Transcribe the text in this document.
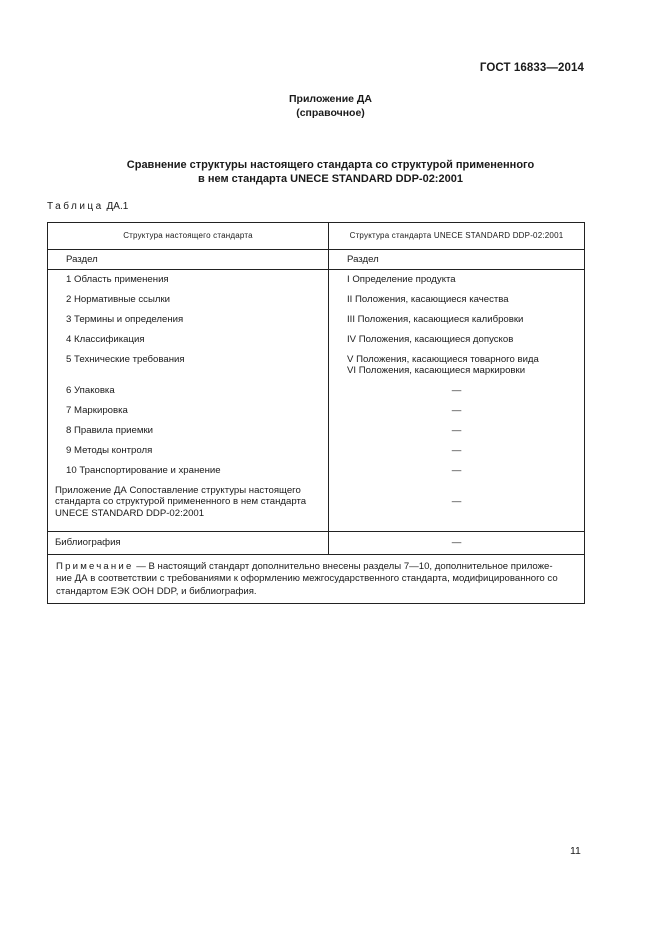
ГОСТ 16833—2014
Приложение ДА
(справочное)
Сравнение структуры настоящего стандарта со структурой примененного
в нем стандарта UNECE STANDARD DDP-02:2001
Таблица ДА.1
Структура настоящего стандарта	Структура стандарта UNECE STANDARD DDP-02:2001
Раздел	Раздел
1 Область применения	I Определение продукта
2 Нормативные ссылки	II Положения, касающиеся качества
3 Термины и определения	III Положения, касающиеся калибровки
4 Классификация	IV Положения, касающиеся допусков
5 Технические требования	V Положения, касающиеся товарного вида
VI Положения, касающиеся маркировки

6 Упаковка	—
7 Маркировка	—
8 Правила приемки	—
9 Методы контроля	—
10 Транспортирование и хранение	—

Приложение ДА Сопоставление структуры настоящего
стандарта со структурой примененного в нем стандарта
UNECE STANDARD DDP-02:2001	—
Библиография	—

Примечание — В настоящий стандарт дополнительно внесены разделы 7—10, дополнительное приложе-
ние ДА в соответствии с требованиями к оформлению межгосударственного стандарта, модифицированного со
стандартом ЕЭК ООН DDP, и библиография.	
11
